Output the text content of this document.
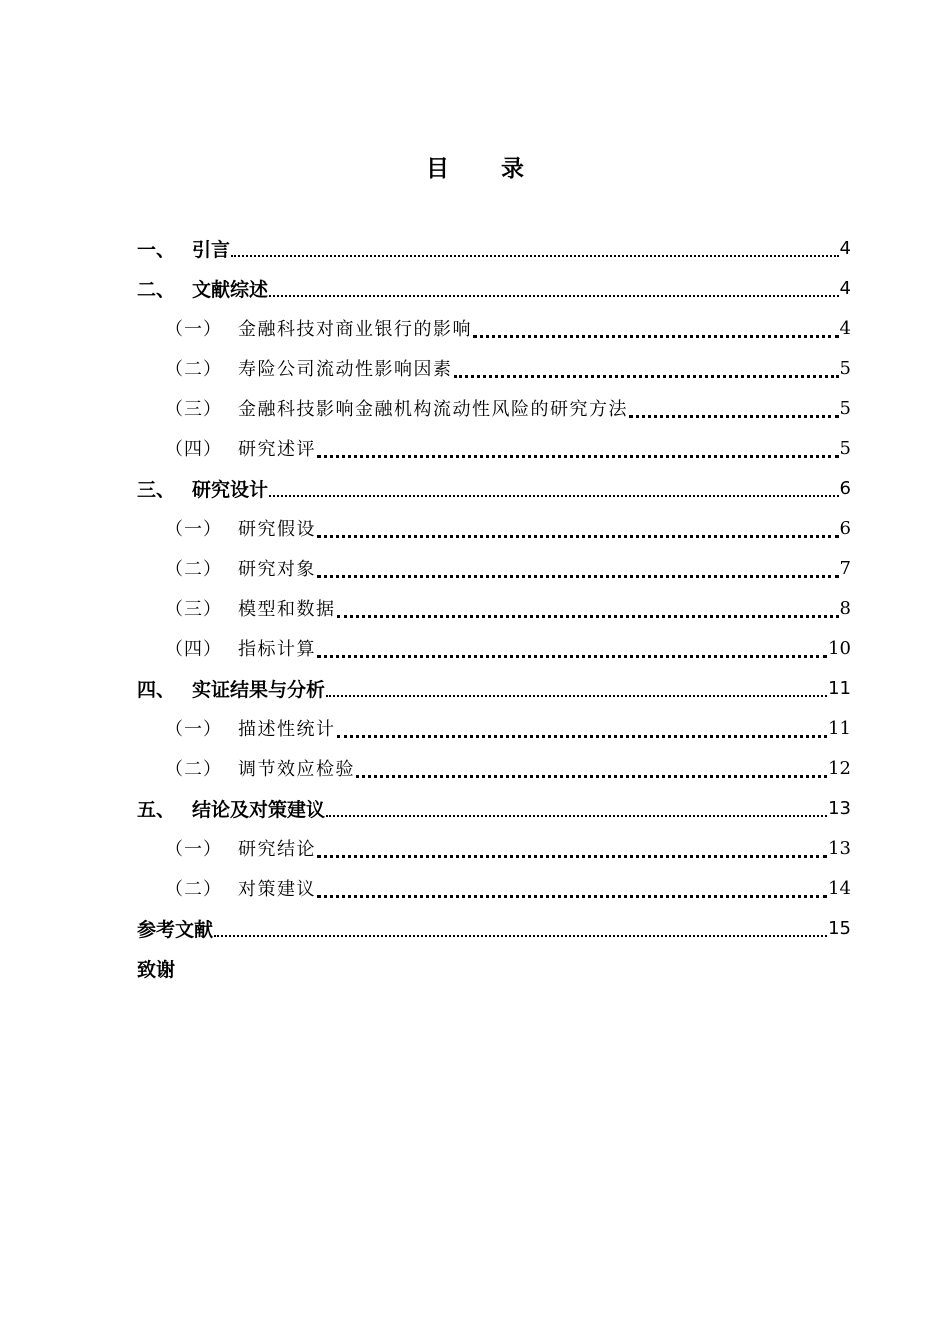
目 录
一、 引言	4
二、 文献综述	4
（一） 金融科技对商业银行的影响	4
（二） 寿险公司流动性影响因素	5
（三） 金融科技影响金融机构流动性风险的研究方法	5
（四） 研究述评	5
三、 研究设计	6
（一） 研究假设	6
（二） 研究对象	7
（三） 模型和数据	8
（四） 指标计算	10
四、 实证结果与分析	11
（一） 描述性统计	11
（二） 调节效应检验	12
五、 结论及对策建议	13
（一） 研究结论	13
（二） 对策建议	14
参考文献	15
致谢
